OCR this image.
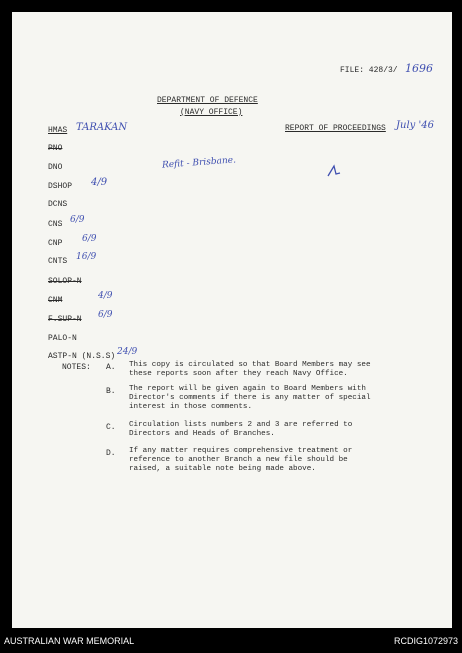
FILE: 428/3/ 1696
DEPARTMENT OF DEFENCE
(NAVY OFFICE)
HMAS TARAKAN	REPORT OF PROCEEDINGS July '46
Refit - Brisbane.
PNO
DNO
DSHOP 4/9
DCNS
CNS 6/9
CNP 6/9
CNTS 16/9
SOLOP-N
CNM	4/9
F.SUP-N 6/9
PALO-N
ASTP-N (N.S.S) 24/9
NOTES: A. This copy is circulated so that Board Members may see
these reports soon after they reach Navy Office.
B. The report will be given again to Board Members with
Director's comments if there is any matter of special
interest in those comments.
C. Circulation lists numbers 2 and 3 are referred to
Directors and Heads of Branches.
D. If any matter requires comprehensive treatment or
reference to another Branch a new file should be
raised, a suitable note being made above.
AUSTRALIAN WAR MEMORIAL	RCDIG1072973
